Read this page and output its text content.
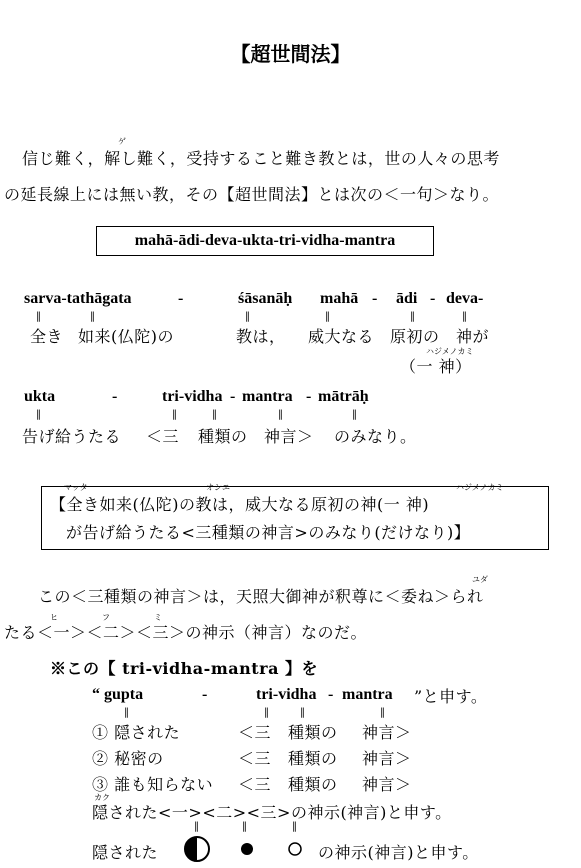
【超世間法】
ゲ
信じ難く，解し難く，受持すること難き教とは，世の人々の思考
の延長線上には無い教，その【超世間法】とは次の＜一句＞なり。
mahā-ādi-deva-ukta-tri-vidha-mantra
sarva-tathāgata	-	śāsanāḥ mahā - ādi - deva-
‖	‖	‖	‖	‖	‖
全き 如来(仏陀)の	教は， 威大なる 原初の 神が
ハジメノカミ
（一 神）
ukta	-	tri-vidha - mantra - mātrāḥ
‖	‖	‖	‖	‖
告げ給うたる ＜三 種類の 神言＞ のみなり。
マッタ	オシエ	ハジメノカミ
【全き如来(仏陀)の教は，威大なる原初の神(一 神)
が告げ給うたる<三種類の神言>のみなり(だけなり)】
ユダ
この＜三種類の神言＞は，天照大御神が釈尊に＜委ね＞られ
ヒ	フ	ミ
たる＜一＞＜二＞＜三＞の神示（神言）なのだ。
※この【 tri-vidha-mantra 】を
“ gupta	-	tri-vidha - mantra ”と申す。
‖	‖	‖	‖
① 隠された	＜三 種類の 神言＞
② 秘密の	＜三 種類の 神言＞
③ 誰も知らない ＜三 種類の 神言＞
カク
隠された<一><二><三>の神示(神言)と申す。
‖	‖	‖
隠された	の神示(神言)と申す。
